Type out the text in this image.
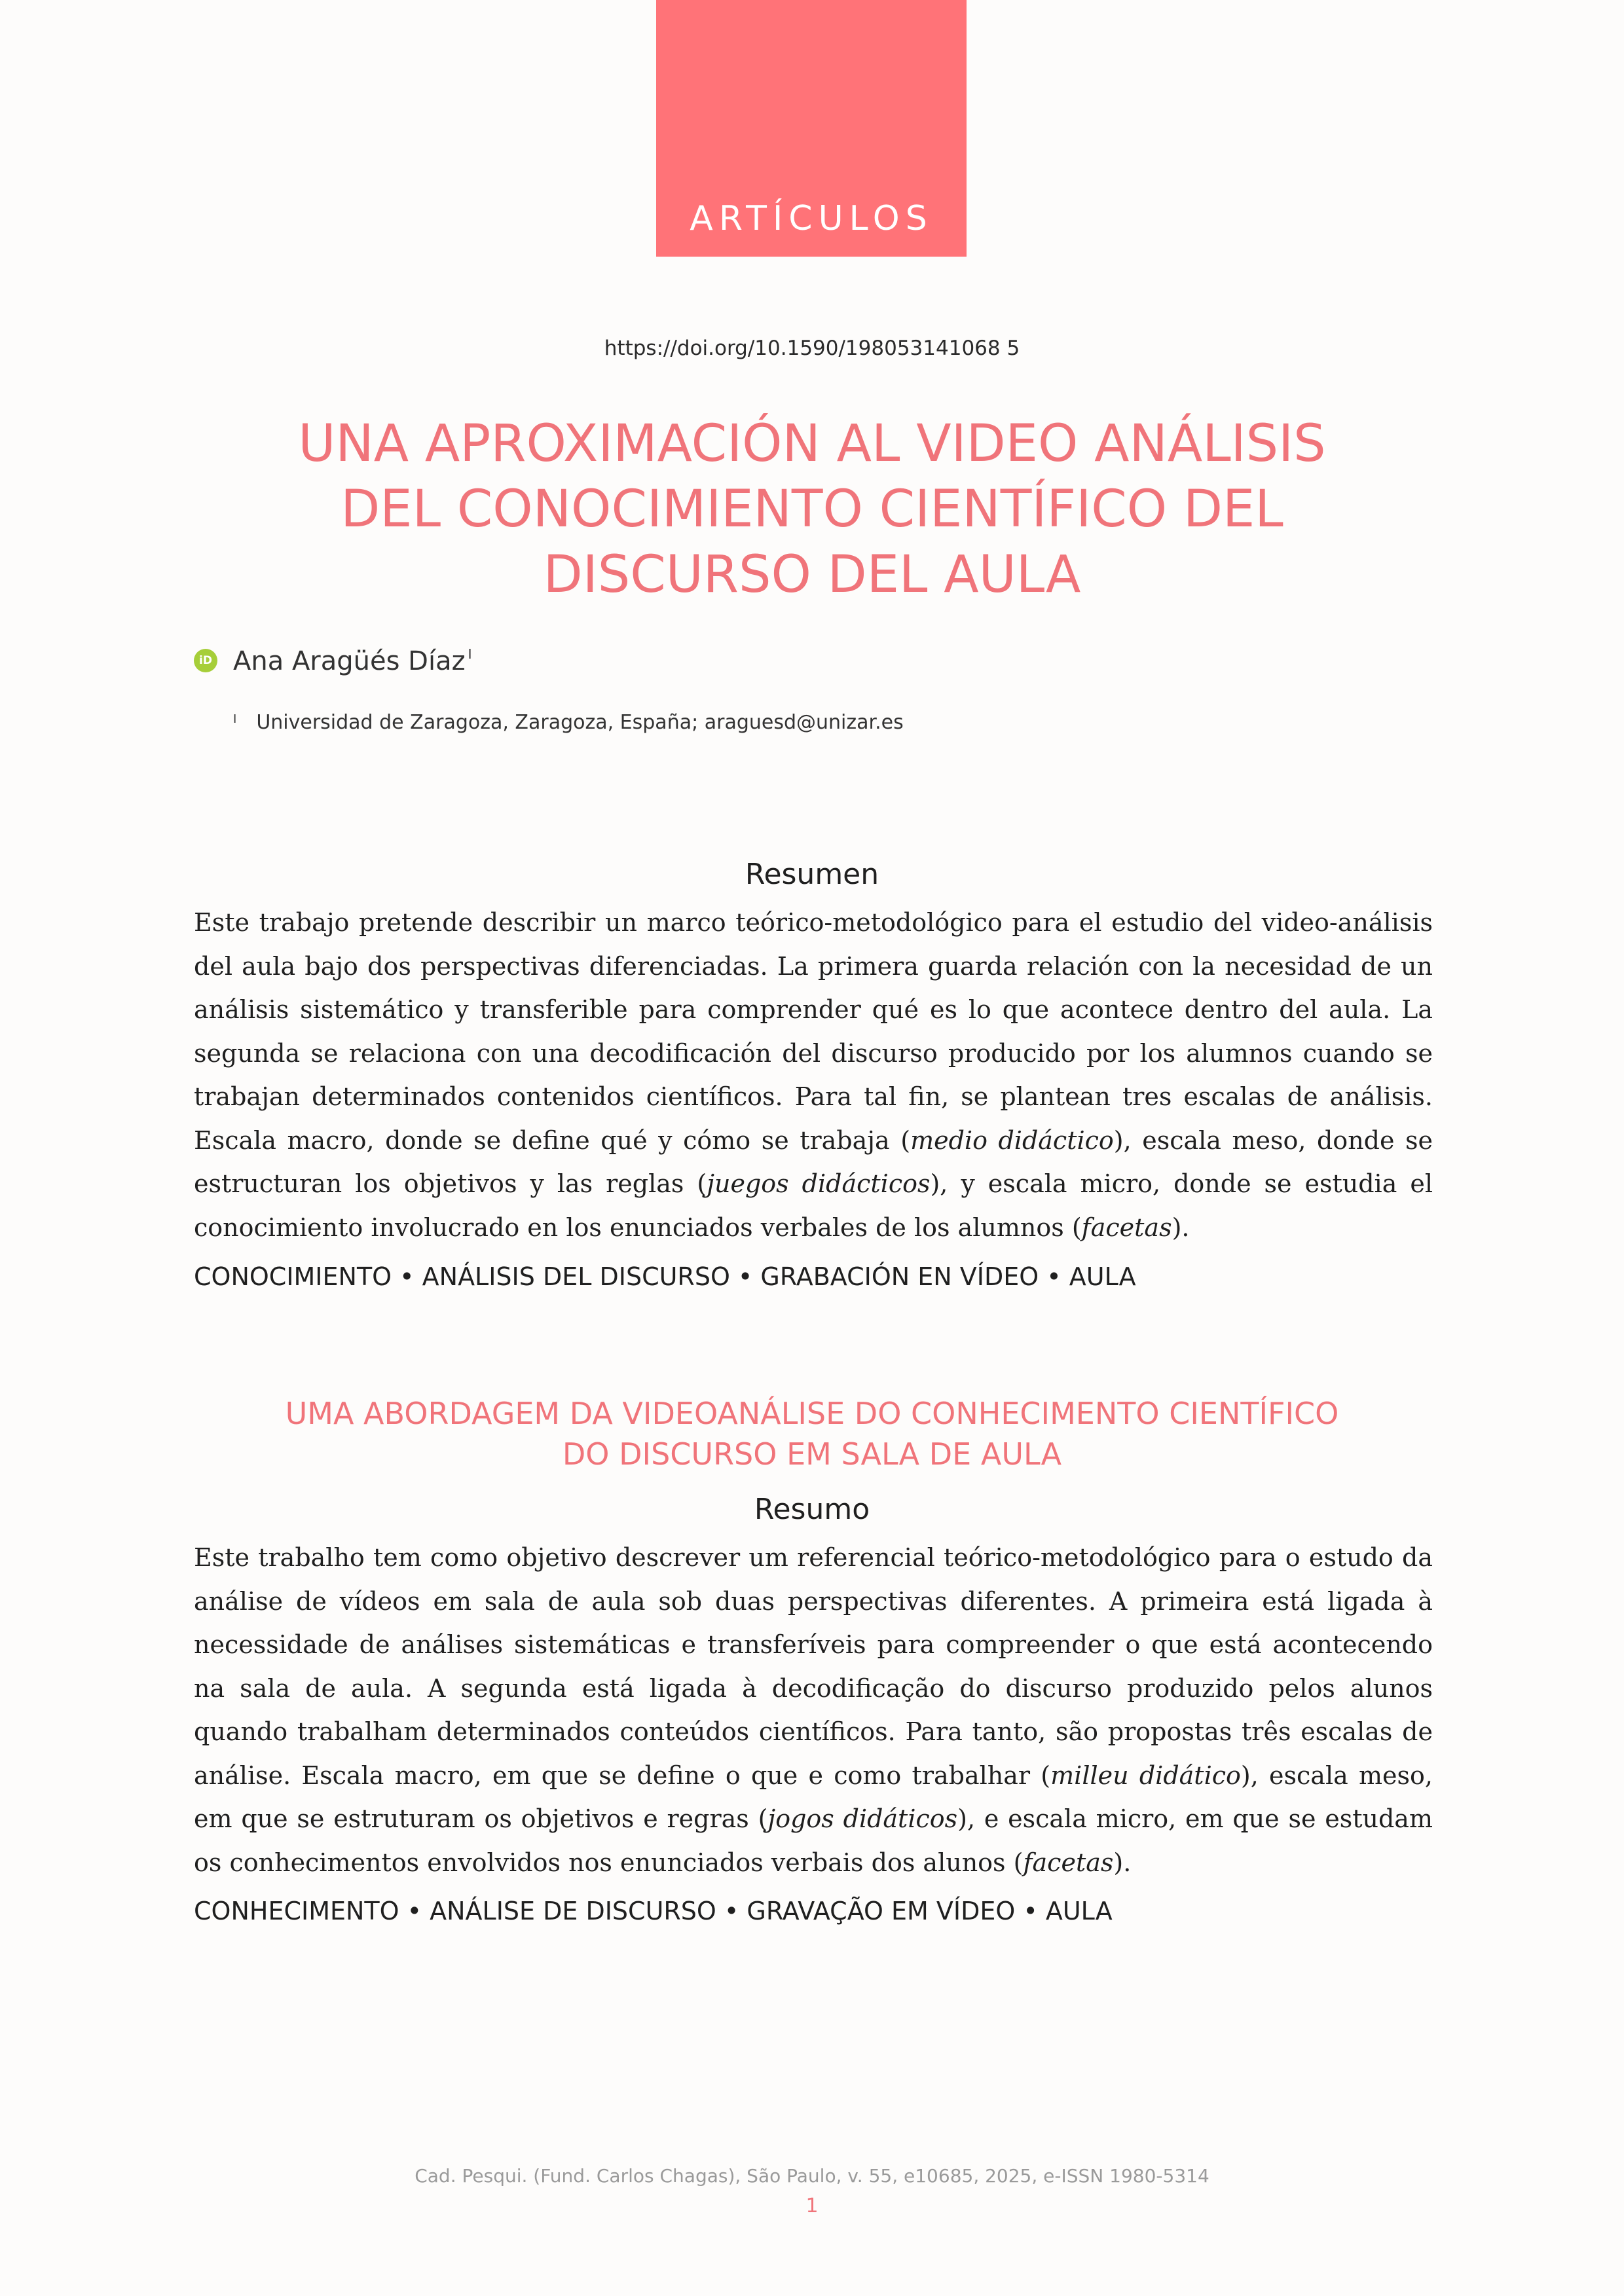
ARTÍCULOS
https://doi.org/10.1590/198053141068 5
UNA APROXIMACIÓN AL VIDEO ANÁLISIS
DEL CONOCIMIENTO CIENTÍFICO DEL
DISCURSO DEL AULA
iD Ana Aragüés Díaz I
I Universidad de Zaragoza, Zaragoza, España; araguesd@unizar.es
Resumen

Este trabajo pretende describir un marco teórico-metodológico para el estudio del video-análisis del aula bajo dos perspectivas diferenciadas. La primera guarda relación con la necesidad de un análisis sistemático y transferible para comprender qué es lo que acontece dentro del aula. La segunda se relaciona con una decodificación del discurso producido por los alumnos cuando se trabajan determinados contenidos científicos. Para tal fin, se plantean tres escalas de análisis. Escala macro, donde se define qué y cómo se trabaja (medio didáctico), escala meso, donde se estructuran los objetivos y las reglas (juegos didácticos), y escala micro, donde se estudia el conocimiento involucrado en los enunciados verbales de los alumnos (facetas).

CONOCIMIENTO • ANÁLISIS DEL DISCURSO • GRABACIÓN EN VÍDEO • AULA
UMA ABORDAGEM DA VIDEOANÁLISE DO CONHECIMENTO CIENTÍFICO
DO DISCURSO EM SALA DE AULA
Resumo

Este trabalho tem como objetivo descrever um referencial teórico-metodológico para o estudo da análise de vídeos em sala de aula sob duas perspectivas diferentes. A primeira está ligada à necessidade de análises sistemáticas e transferíveis para compreender o que está acontecendo na sala de aula. A segunda está ligada à decodificação do discurso produzido pelos alunos quando trabalham determinados conteúdos científicos. Para tanto, são propostas três escalas de análise. Escala macro, em que se define o que e como trabalhar (milleu didático), escala meso, em que se estruturam os objetivos e regras (jogos didáticos), e escala micro, em que se estudam os conhecimentos envolvidos nos enunciados verbais dos alunos (facetas).

CONHECIMENTO • ANÁLISE DE DISCURSO • GRAVAÇÃO EM VÍDEO • AULA
Cad. Pesqui. (Fund. Carlos Chagas), São Paulo, v. 55, e10685, 2025, e-ISSN 1980-5314
1
